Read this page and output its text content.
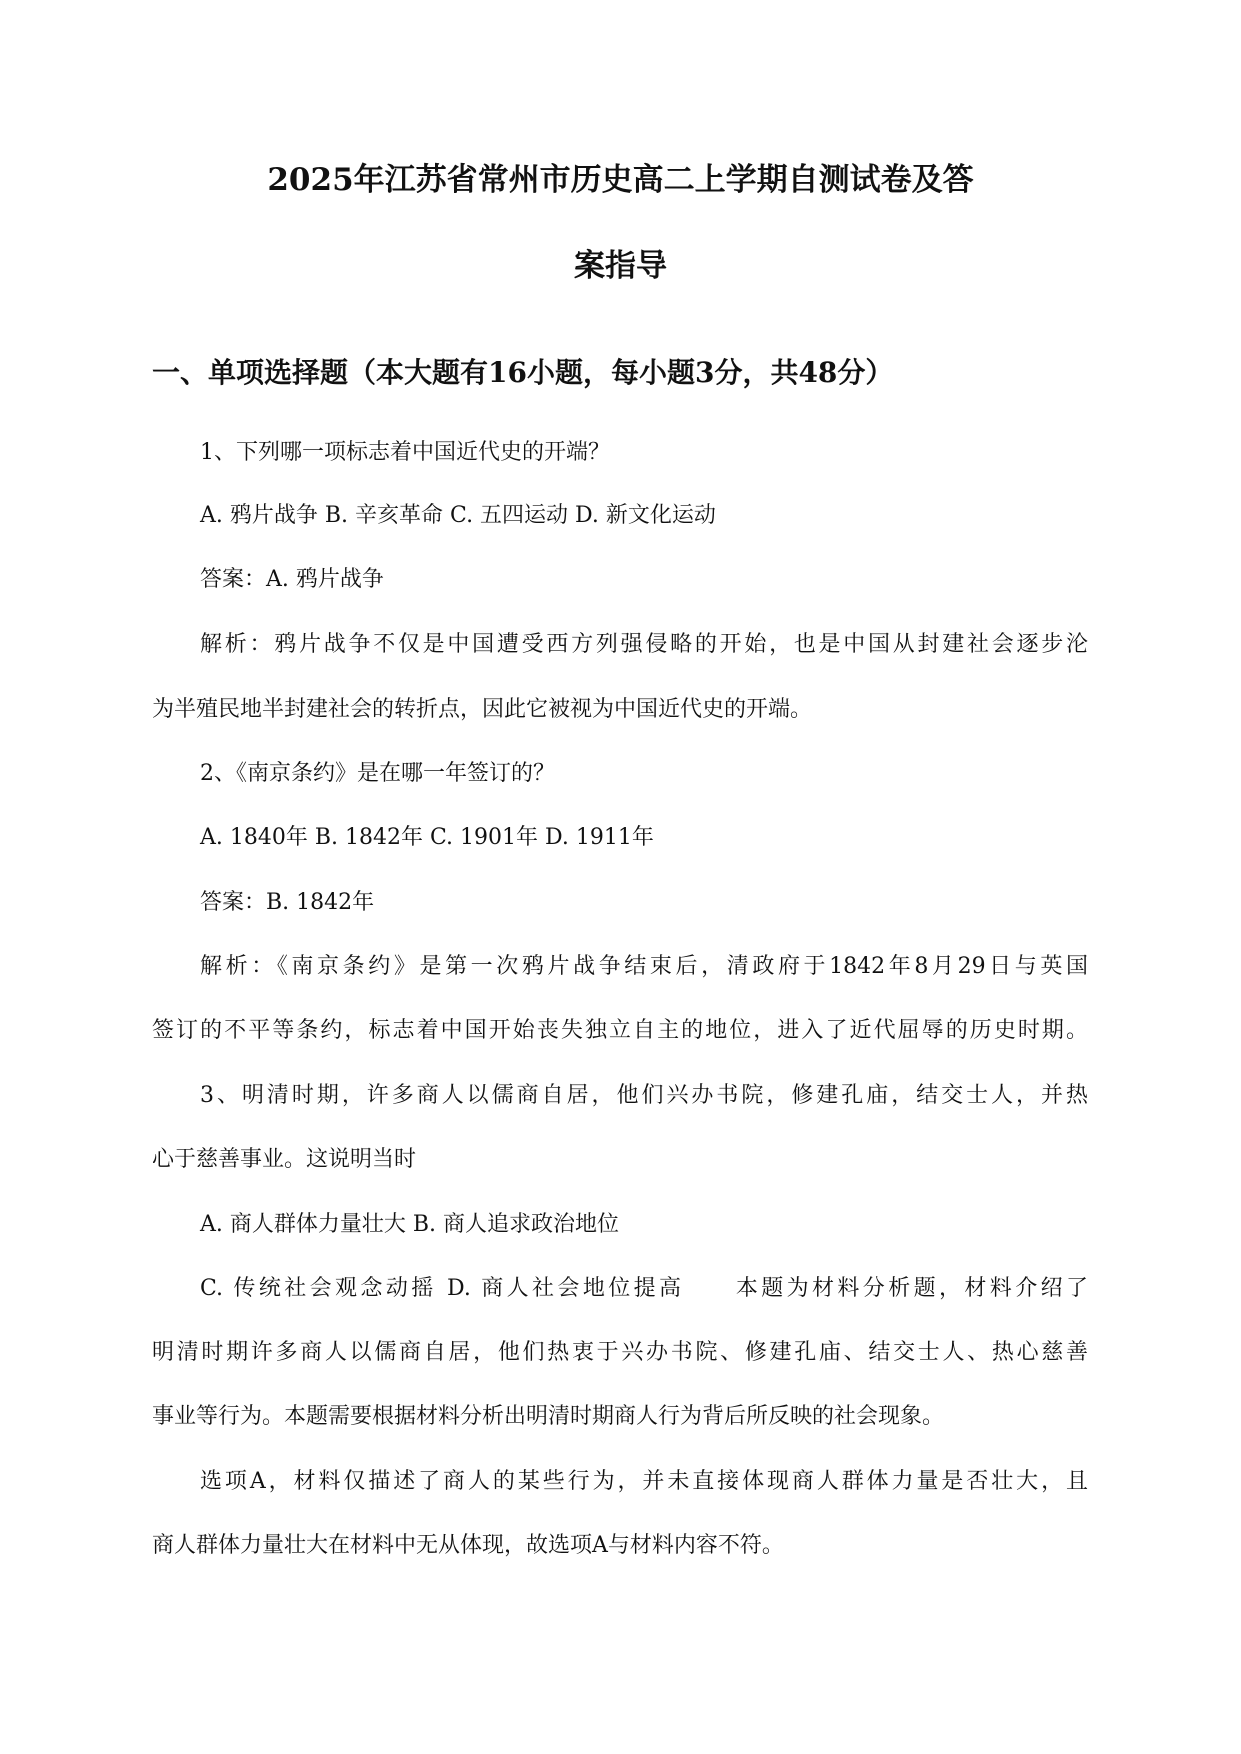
2025年江苏省常州市历史高二上学期自测试卷及答
案指导
一、单项选择题（本大题有16小题，每小题3分，共48分）
1、下列哪一项标志着中国近代史的开端？
A. 鸦片战争 B. 辛亥革命 C. 五四运动 D. 新文化运动
答案：A. 鸦片战争
解析：鸦片战争不仅是中国遭受西方列强侵略的开始，也是中国从封建社会逐步沦
为半殖民地半封建社会的转折点，因此它被视为中国近代史的开端。
2、《南京条约》是在哪一年签订的？
A. 1840年 B. 1842年 C. 1901年 D. 1911年
答案：B. 1842年
解析：《南京条约》是第一次鸦片战争结束后，清政府于1842年8月29日与英国
签订的不平等条约，标志着中国开始丧失独立自主的地位，进入了近代屈辱的历史时期。
3、明清时期，许多商人以儒商自居，他们兴办书院，修建孔庙，结交士人，并热
心于慈善事业。这说明当时
A. 商人群体力量壮大 B. 商人追求政治地位
C. 传统社会观念动摇 D. 商人社会地位提高 本题为材料分析题，材料介绍了
明清时期许多商人以儒商自居，他们热衷于兴办书院、修建孔庙、结交士人、热心慈善
事业等行为。本题需要根据材料分析出明清时期商人行为背后所反映的社会现象。
选项A，材料仅描述了商人的某些行为，并未直接体现商人群体力量是否壮大，且
商人群体力量壮大在材料中无从体现，故选项A与材料内容不符。
